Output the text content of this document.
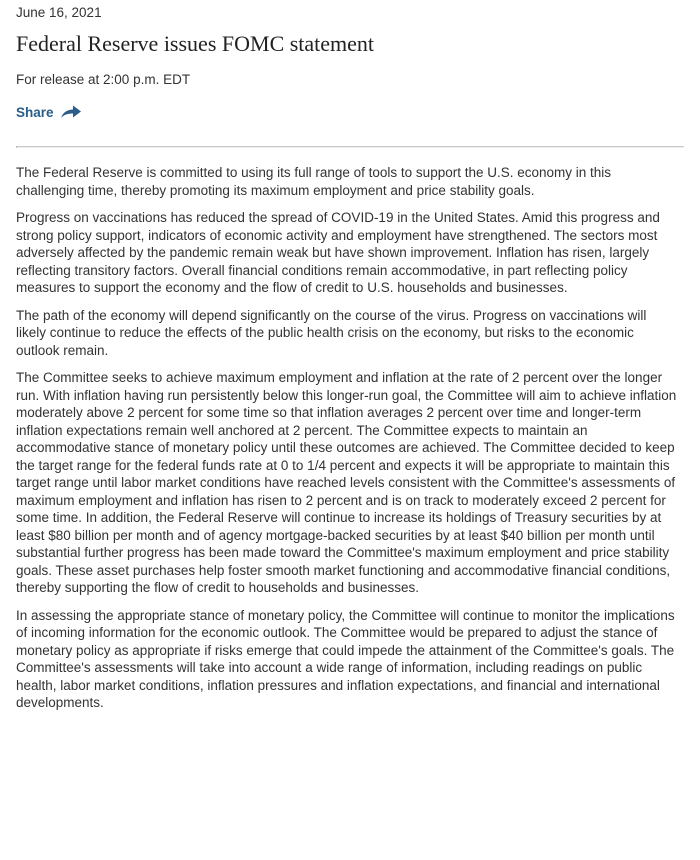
June 16, 2021

Federal Reserve issues FOMC statement

For release at 2:00 p.m. EDT

Share

The Federal Reserve is committed to using its full range of tools to support the U.S. economy in this challenging time, thereby promoting its maximum employment and price stability goals.

Progress on vaccinations has reduced the spread of COVID-19 in the United States. Amid this progress and strong policy support, indicators of economic activity and employment have strengthened. The sectors most adversely affected by the pandemic remain weak but have shown improvement. Inflation has risen, largely reflecting transitory factors. Overall financial conditions remain accommodative, in part reflecting policy measures to support the economy and the flow of credit to U.S. households and businesses.

The path of the economy will depend significantly on the course of the virus. Progress on vaccinations will likely continue to reduce the effects of the public health crisis on the economy, but risks to the economic outlook remain.

The Committee seeks to achieve maximum employment and inflation at the rate of 2 percent over the longer run. With inflation having run persistently below this longer-run goal, the Committee will aim to achieve inflation moderately above 2 percent for some time so that inflation averages 2 percent over time and longer-term inflation expectations remain well anchored at 2 percent. The Committee expects to maintain an accommodative stance of monetary policy until these outcomes are achieved. The Committee decided to keep the target range for the federal funds rate at 0 to 1/4 percent and expects it will be appropriate to maintain this target range until labor market conditions have reached levels consistent with the Committee's assessments of maximum employment and inflation has risen to 2 percent and is on track to moderately exceed 2 percent for some time. In addition, the Federal Reserve will continue to increase its holdings of Treasury securities by at least $80 billion per month and of agency mortgage-backed securities by at least $40 billion per month until substantial further progress has been made toward the Committee's maximum employment and price stability goals. These asset purchases help foster smooth market functioning and accommodative financial conditions, thereby supporting the flow of credit to households and businesses.

In assessing the appropriate stance of monetary policy, the Committee will continue to monitor the implications of incoming information for the economic outlook. The Committee would be prepared to adjust the stance of monetary policy as appropriate if risks emerge that could impede the attainment of the Committee's goals. The Committee's assessments will take into account a wide range of information, including readings on public health, labor market conditions, inflation pressures and inflation expectations, and financial and international developments.
